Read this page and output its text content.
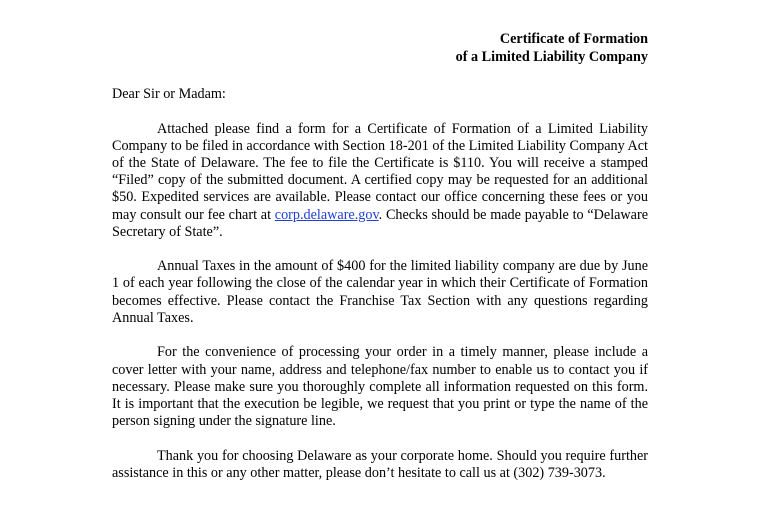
Certificate of Formation
of a Limited Liability Company
Dear Sir or Madam:

Attached please find a form for a Certificate of Formation of a Limited Liability Company to be filed in accordance with Section 18-201 of the Limited Liability Company Act of the State of Delaware. The fee to file the Certificate is $110. You will receive a stamped “Filed” copy of the submitted document. A certified copy may be requested for an additional $50. Expedited services are available. Please contact our office concerning these fees or you may consult our fee chart at corp.delaware.gov. Checks should be made payable to “Delaware Secretary of State”.

Annual Taxes in the amount of $400 for the limited liability company are due by June 1 of each year following the close of the calendar year in which their Certificate of Formation becomes effective. Please contact the Franchise Tax Section with any questions regarding Annual Taxes.

For the convenience of processing your order in a timely manner, please include a cover letter with your name, address and telephone/fax number to enable us to contact you if necessary. Please make sure you thoroughly complete all information requested on this form. It is important that the execution be legible, we request that you print or type the name of the person signing under the signature line.

Thank you for choosing Delaware as your corporate home. Should you require further assistance in this or any other matter, please don’t hesitate to call us at (302) 739-3073.
